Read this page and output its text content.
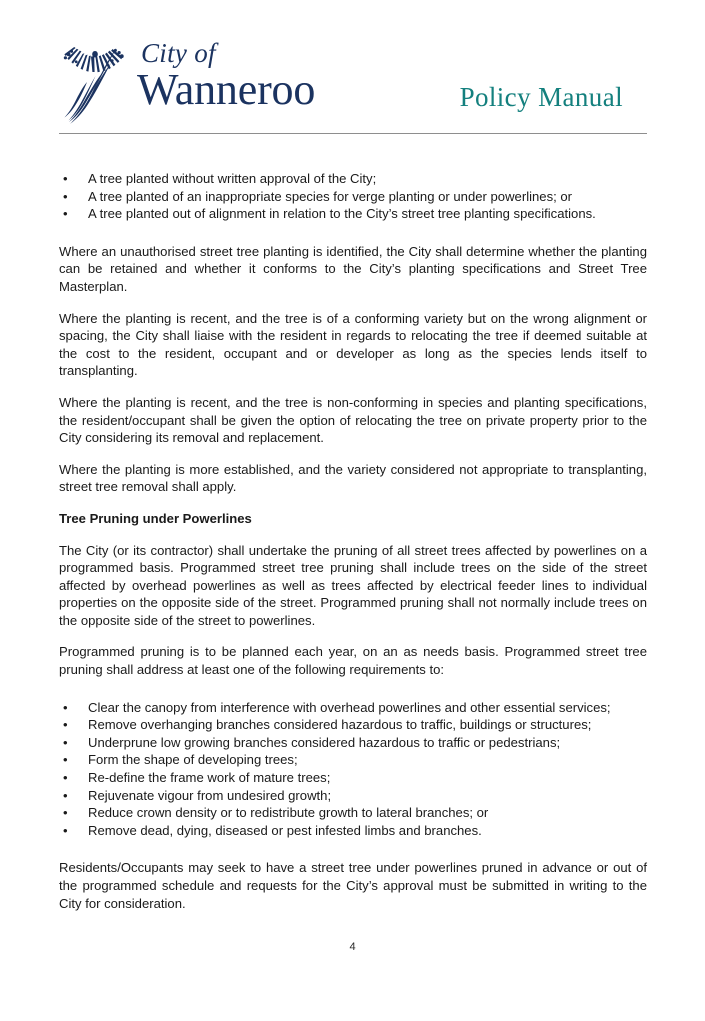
City of
Wanneroo	Policy Manual
•	A tree planted without written approval of the City;
•	A tree planted of an inappropriate species for verge planting or under powerlines; or
•	A tree planted out of alignment in relation to the City’s street tree planting specifications.

Where an unauthorised street tree planting is identified, the City shall determine whether the planting can be retained and whether it conforms to the City’s planting specifications and Street Tree Masterplan.

Where the planting is recent, and the tree is of a conforming variety but on the wrong alignment or spacing, the City shall liaise with the resident in regards to relocating the tree if deemed suitable at the cost to the resident, occupant and or developer as long as the species lends itself to transplanting.

Where the planting is recent, and the tree is non-conforming in species and planting specifications, the resident/occupant shall be given the option of relocating the tree on private property prior to the City considering its removal and replacement.

Where the planting is more established, and the variety considered not appropriate to transplanting, street tree removal shall apply.

Tree Pruning under Powerlines

The City (or its contractor) shall undertake the pruning of all street trees affected by powerlines on a programmed basis. Programmed street tree pruning shall include trees on the side of the street affected by overhead powerlines as well as trees affected by electrical feeder lines to individual properties on the opposite side of the street. Programmed pruning shall not normally include trees on the opposite side of the street to powerlines.

Programmed pruning is to be planned each year, on an as needs basis. Programmed street tree pruning shall address at least one of the following requirements to:

•	Clear the canopy from interference with overhead powerlines and other essential services;
•	Remove overhanging branches considered hazardous to traffic, buildings or structures;
•	Underprune low growing branches considered hazardous to traffic or pedestrians;
•	Form the shape of developing trees;
•	Re-define the frame work of mature trees;
•	Rejuvenate vigour from undesired growth;
•	Reduce crown density or to redistribute growth to lateral branches; or
•	Remove dead, dying, diseased or pest infested limbs and branches.

Residents/Occupants may seek to have a street tree under powerlines pruned in advance or out of the programmed schedule and requests for the City’s approval must be submitted in writing to the City for consideration.

4
